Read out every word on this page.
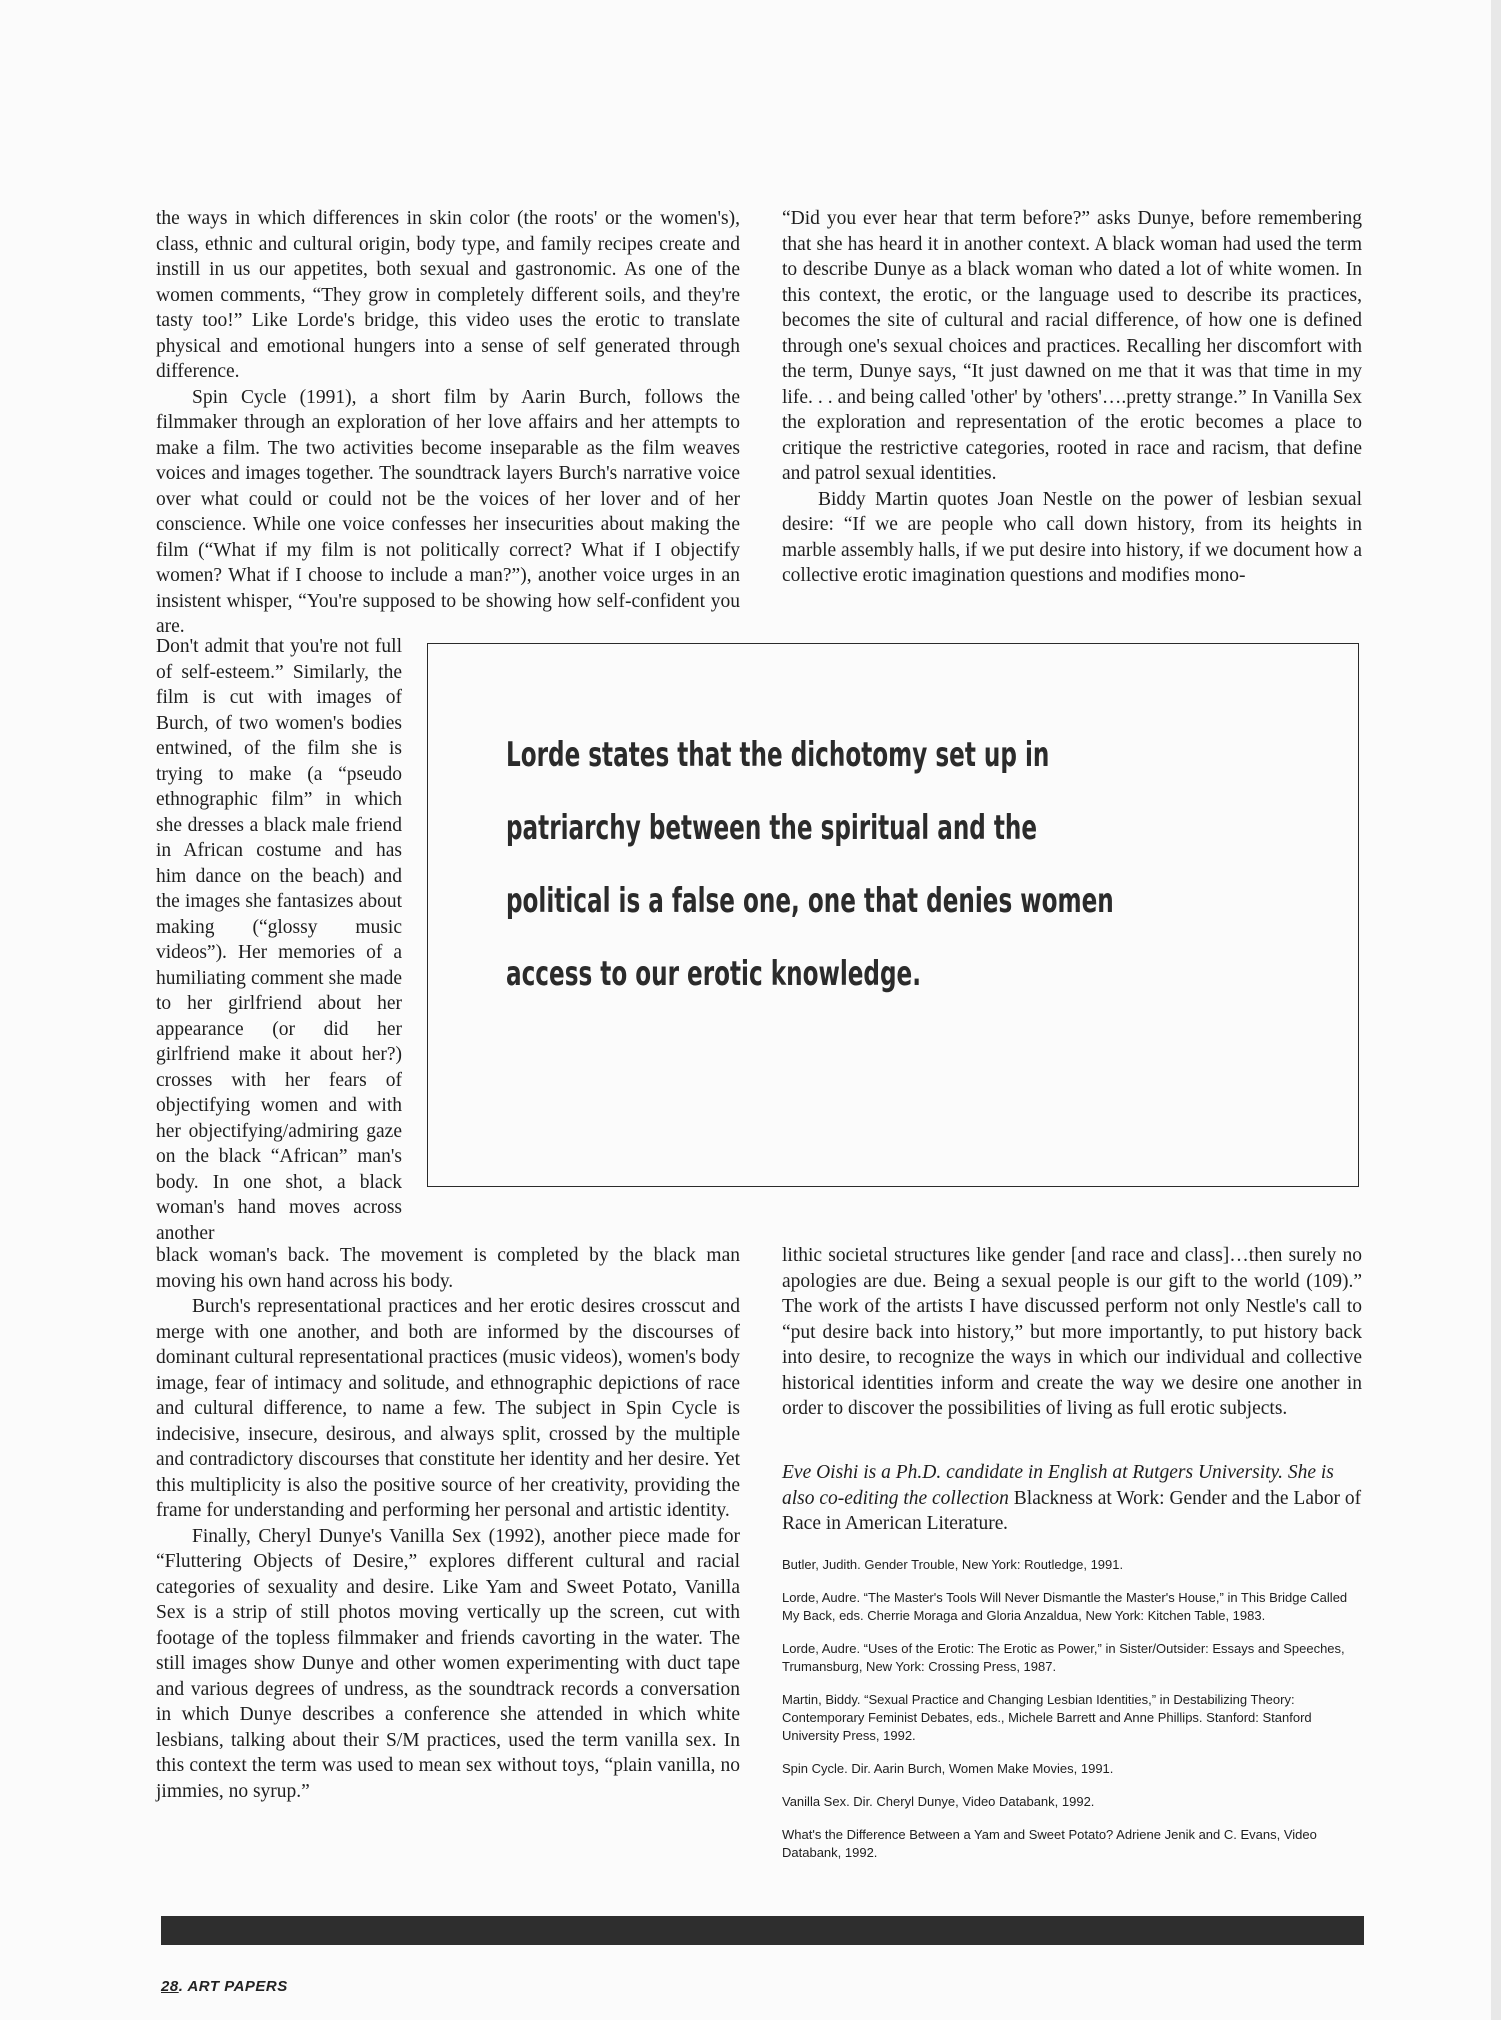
the ways in which differences in skin color (the roots' or the women's), class, ethnic and cultural origin, body type, and family recipes create and instill in us our appetites, both sexual and gastronomic. As one of the women comments, “They grow in completely different soils, and they're tasty too!” Like Lorde's bridge, this video uses the erotic to translate physical and emotional hungers into a sense of self generated through difference.

Spin Cycle (1991), a short film by Aarin Burch, follows the filmmaker through an exploration of her love affairs and her attempts to make a film. The two activities become inseparable as the film weaves voices and images together. The soundtrack layers Burch's narrative voice over what could or could not be the voices of her lover and of her conscience. While one voice confesses her insecurities about making the film (“What if my film is not politically correct? What if I objectify women? What if I choose to include a man?”), another voice urges in an insistent whisper, “You're supposed to be showing how self-confident you are.

Don't admit that you're not full of self-esteem.” Similarly, the film is cut with images of Burch, of two women's bodies entwined, of the film she is trying to make (a “pseudo ethnographic film” in which she dresses a black male friend in African costume and has him dance on the beach) and the images she fantasizes about making (“glossy music videos”). Her memories of a humiliating comment she made to her girlfriend about her appearance (or did her girlfriend make it about her?) crosses with her fears of objectifying women and with her objectifying/admiring gaze on the black “African” man's body. In one shot, a black woman's hand moves across another

Lorde states that the dichotomy set up in
patriarchy between the spiritual and the
political is a false one, one that denies women
access to our erotic knowledge.

black woman's back. The movement is completed by the black man moving his own hand across his body.

Burch's representational practices and her erotic desires crosscut and merge with one another, and both are informed by the discourses of dominant cultural representational practices (music videos), women's body image, fear of intimacy and solitude, and ethnographic depictions of race and cultural difference, to name a few. The subject in Spin Cycle is indecisive, insecure, desirous, and always split, crossed by the multiple and contradictory discourses that constitute her identity and her desire. Yet this multiplicity is also the positive source of her creativity, providing the frame for understanding and performing her personal and artistic identity.

Finally, Cheryl Dunye's Vanilla Sex (1992), another piece made for “Fluttering Objects of Desire,” explores different cultural and racial categories of sexuality and desire. Like Yam and Sweet Potato, Vanilla Sex is a strip of still photos moving vertically up the screen, cut with footage of the topless filmmaker and friends cavorting in the water. The still images show Dunye and other women experimenting with duct tape and various degrees of undress, as the soundtrack records a conversation in which Dunye describes a conference she attended in which white lesbians, talking about their S/M practices, used the term vanilla sex. In this context the term was used to mean sex without toys, “plain vanilla, no jimmies, no syrup.”

“Did you ever hear that term before?” asks Dunye, before remembering that she has heard it in another context. A black woman had used the term to describe Dunye as a black woman who dated a lot of white women. In this context, the erotic, or the language used to describe its practices, becomes the site of cultural and racial difference, of how one is defined through one's sexual choices and practices. Recalling her discomfort with the term, Dunye says, “It just dawned on me that it was that time in my life. . . and being called 'other' by 'others'….pretty strange.” In Vanilla Sex the exploration and representation of the erotic becomes a place to critique the restrictive categories, rooted in race and racism, that define and patrol sexual identities.

Biddy Martin quotes Joan Nestle on the power of lesbian sexual desire: “If we are people who call down history, from its heights in marble assembly halls, if we put desire into history, if we document how a collective erotic imagination questions and modifies mono-

lithic societal structures like gender [and race and class]…then surely no apologies are due. Being a sexual people is our gift to the world (109).” The work of the artists I have discussed perform not only Nestle's call to “put desire back into history,” but more importantly, to put history back into desire, to recognize the ways in which our individual and collective historical identities inform and create the way we desire one another in order to discover the possibilities of living as full erotic subjects.

Eve Oishi is a Ph.D. candidate in English at Rutgers University. She is also co-editing the collection Blackness at Work: Gender and the Labor of Race in American Literature.

Butler, Judith. Gender Trouble, New York: Routledge, 1991.

Lorde, Audre. “The Master's Tools Will Never Dismantle the Master's House,” in This Bridge Called My Back, eds. Cherrie Moraga and Gloria Anzaldua, New York: Kitchen Table, 1983.

Lorde, Audre. “Uses of the Erotic: The Erotic as Power,” in Sister/Outsider: Essays and Speeches, Trumansburg, New York: Crossing Press, 1987.

Martin, Biddy. “Sexual Practice and Changing Lesbian Identities,” in Destabilizing Theory: Contemporary Feminist Debates, eds., Michele Barrett and Anne Phillips. Stanford: Stanford University Press, 1992.

Spin Cycle. Dir. Aarin Burch, Women Make Movies, 1991.

Vanilla Sex. Dir. Cheryl Dunye, Video Databank, 1992.

What's the Difference Between a Yam and Sweet Potato? Adriene Jenik and C. Evans, Video Databank, 1992.

28. ART PAPERS
